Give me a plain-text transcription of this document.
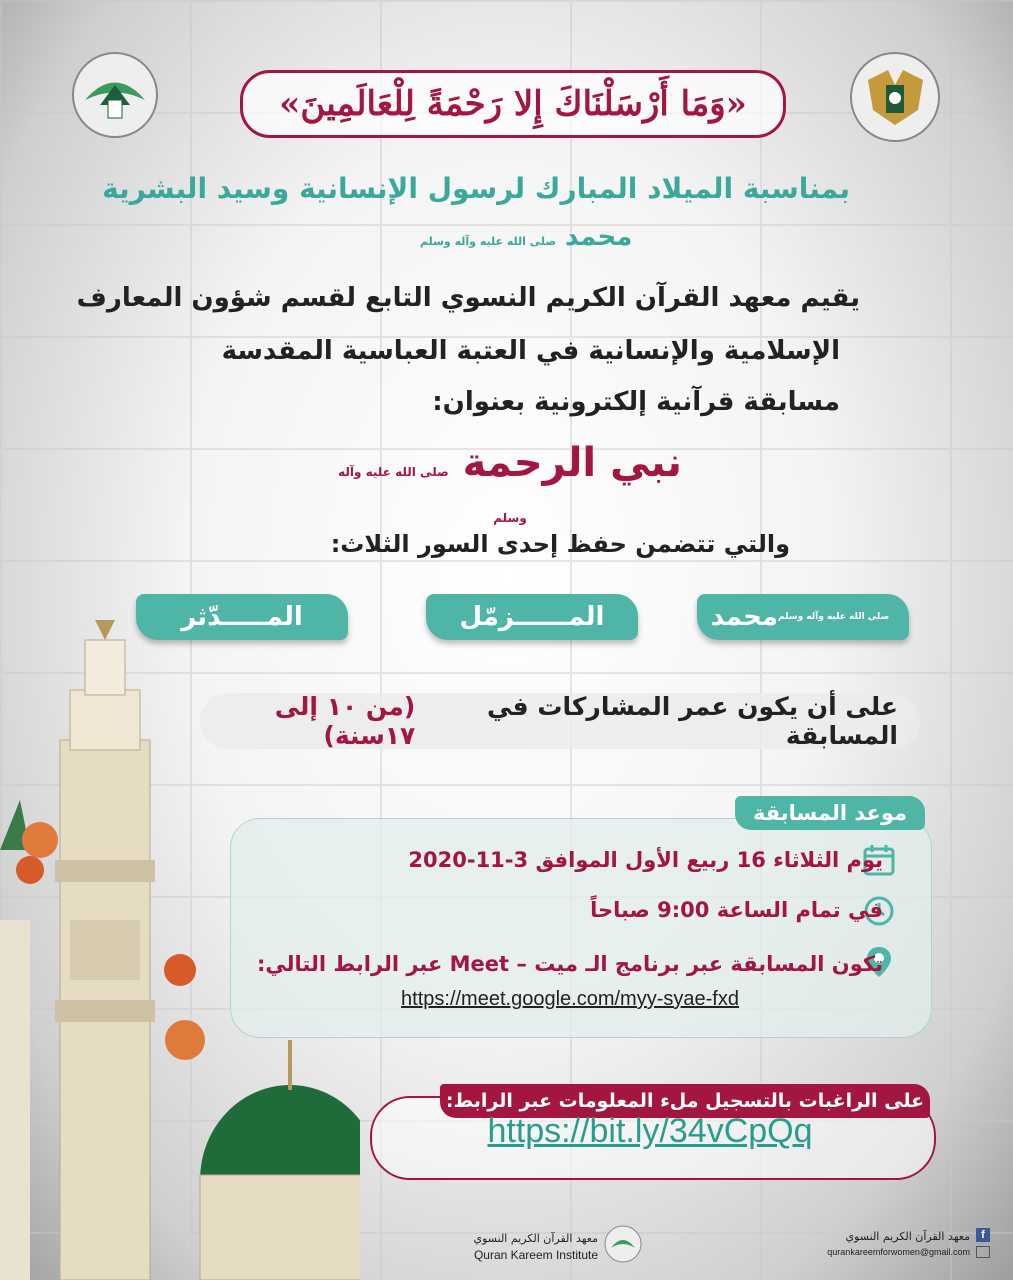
«وَمَا أَرْسَلْنَاكَ إِلا رَحْمَةً لِلْعَالَمِينَ»
بمناسبة الميلاد المبارك لرسول الإنسانية وسيد البشرية
محمد صلى الله عليه وآله وسلم
يقيم معهد القرآن الكريم النسوي التابع لقسم شؤون المعارف
الإسلامية والإنسانية في العتبة العباسية المقدسة
مسابقة قرآنية إلكترونية بعنوان:
نبي الرحمة صلى الله عليه وآله وسلم
والتي تتضمن حفظ إحدى السور الثلاث:
محمد صلى الله عليه وآله وسلم
المــــــزمّل
المـــــدّثر
على أن يكون عمر المشاركات في المسابقة
(من ١٠ إلى ١٧سنة)
موعد المسابقة
يوم الثلاثاء 16 ربيع الأول الموافق 3-11-2020
في تمام الساعة 9:00 صباحاً
تكون المسابقة عبر برنامج الـ ميت – Meet عبر الرابط التالي:
https://meet.google.com/myy-syae-fxd
على الراغبات بالتسجيل ملء المعلومات عبر الرابط:
https://bit.ly/34vCpQq
معهد القرآن الكريم النسوي
Quran Kareem Institute
f
معهد القرآن الكريم النسوي
qurankareemforwomen@gmail.com
